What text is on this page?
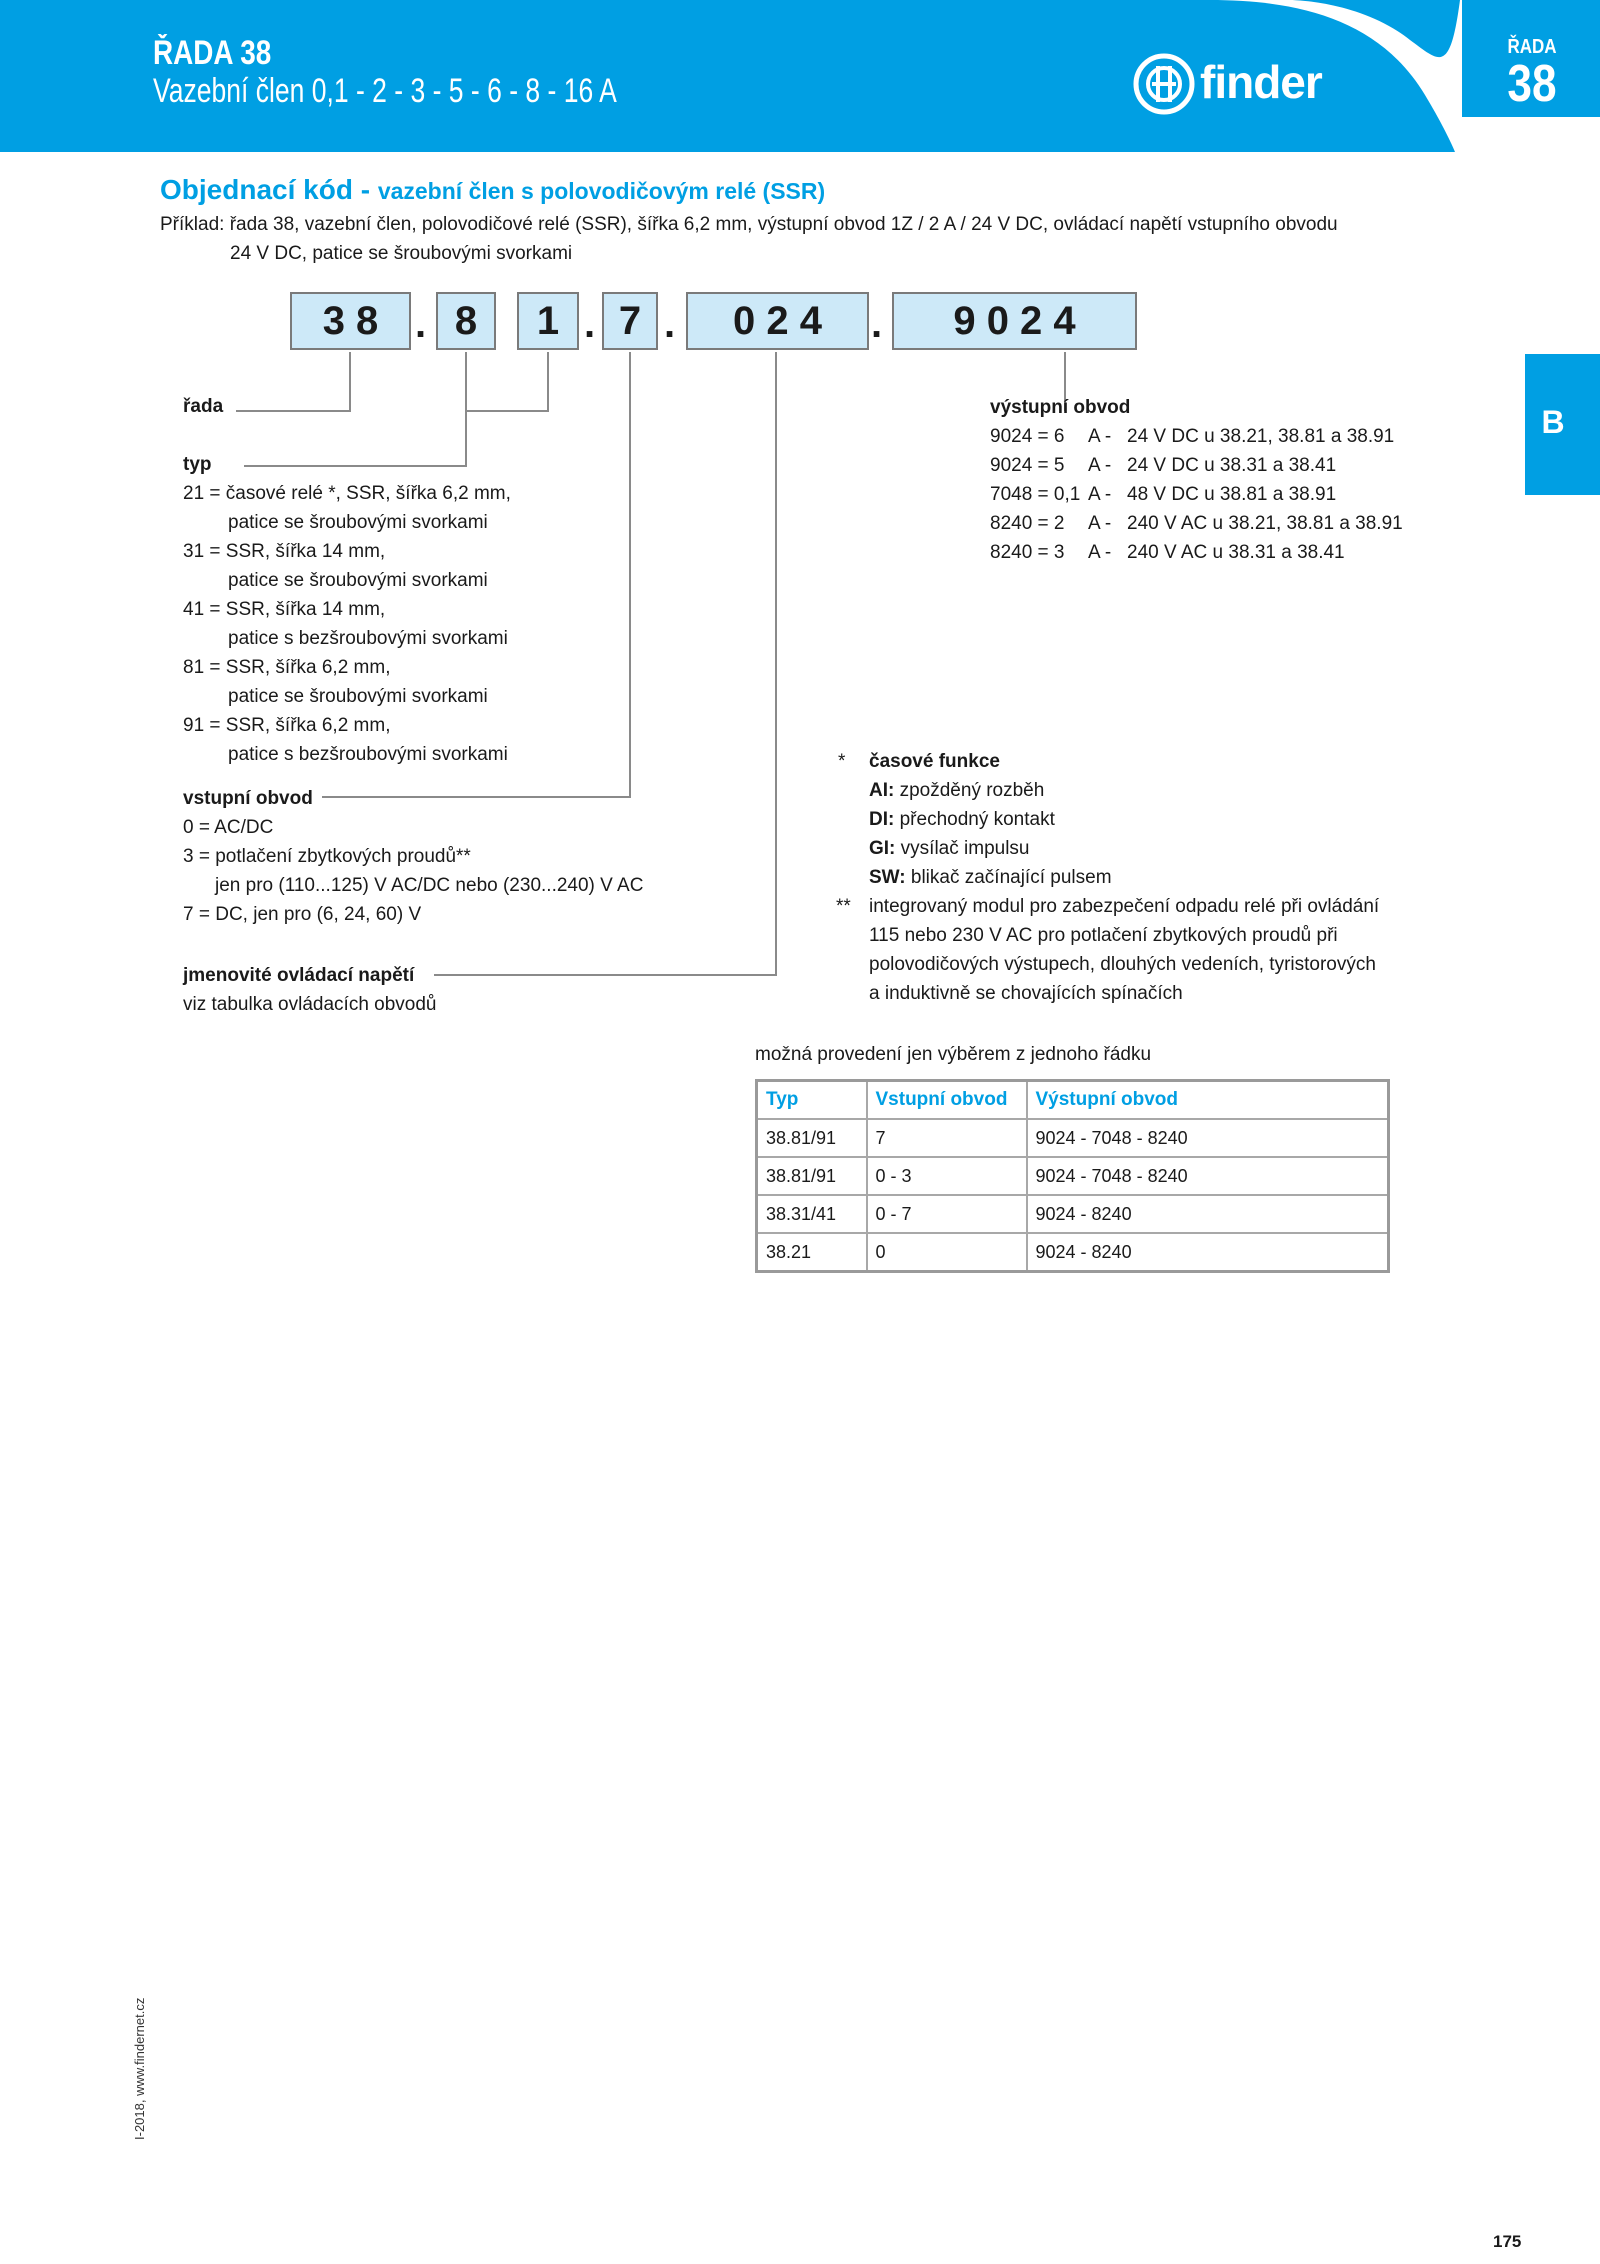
ŘADA 38
Vazební člen 0,1 - 2 - 3 - 5 - 6 - 8 - 16 A	finder
ŘADA
38
B
Objednací kód - vazební člen s polovodičovým relé (SSR)
Příklad: řada 38, vazební člen, polovodičové relé (SSR), šířka 6,2 mm, výstupní obvod 1Z / 2 A / 24 V DC, ovládací napětí vstupního obvodu
24 V DC, patice se šroubovými svorkami
3 8 . 8 1 . 7 . 0 2 4 . 9 0 2 4
řada
typ
21 = časové relé *, SSR, šířka 6,2 mm,
patice se šroubovými svorkami
31 = SSR, šířka 14 mm,
patice se šroubovými svorkami
41 = SSR, šířka 14 mm,
patice s bezšroubovými svorkami
81 = SSR, šířka 6,2 mm,
patice se šroubovými svorkami
91 = SSR, šířka 6,2 mm,
patice s bezšroubovými svorkami
vstupní obvod
0 = AC/DC
3 = potlačení zbytkových proudů**
jen pro (110...125) V AC/DC nebo (230...240) V AC
7 = DC, jen pro (6, 24, 60) V
jmenovité ovládací napětí
viz tabulka ovládacích obvodů
výstupní obvod
9024 = 6 A - 24 V DC u 38.21, 38.81 a 38.91
9024 = 5 A - 24 V DC u 38.31 a 38.41
7048 = 0,1 A - 48 V DC u 38.81 a 38.91
8240 = 2 A - 240 V AC u 38.21, 38.81 a 38.91
8240 = 3 A - 240 V AC u 38.31 a 38.41
* časové funkce
AI: zpožděný rozběh
DI: přechodný kontakt
GI: vysílač impulsu
SW: blikač začínající pulsem
** integrovaný modul pro zabezpečení odpadu relé při ovládání
115 nebo 230 V AC pro potlačení zbytkových proudů při
polovodičových výstupech, dlouhých vedeních, tyristorových
a induktivně se chovajících spínačích
možná provedení jen výběrem z jednoho řádku
Typ	Vstupní obvod	Výstupní obvod
38.81/91	7	9024 - 7048 - 8240
38.81/91	0 - 3	9024 - 7048 - 8240
38.31/41	0 - 7	9024 - 8240
38.21	0	9024 - 8240
I-2018, www.findernet.cz
175
